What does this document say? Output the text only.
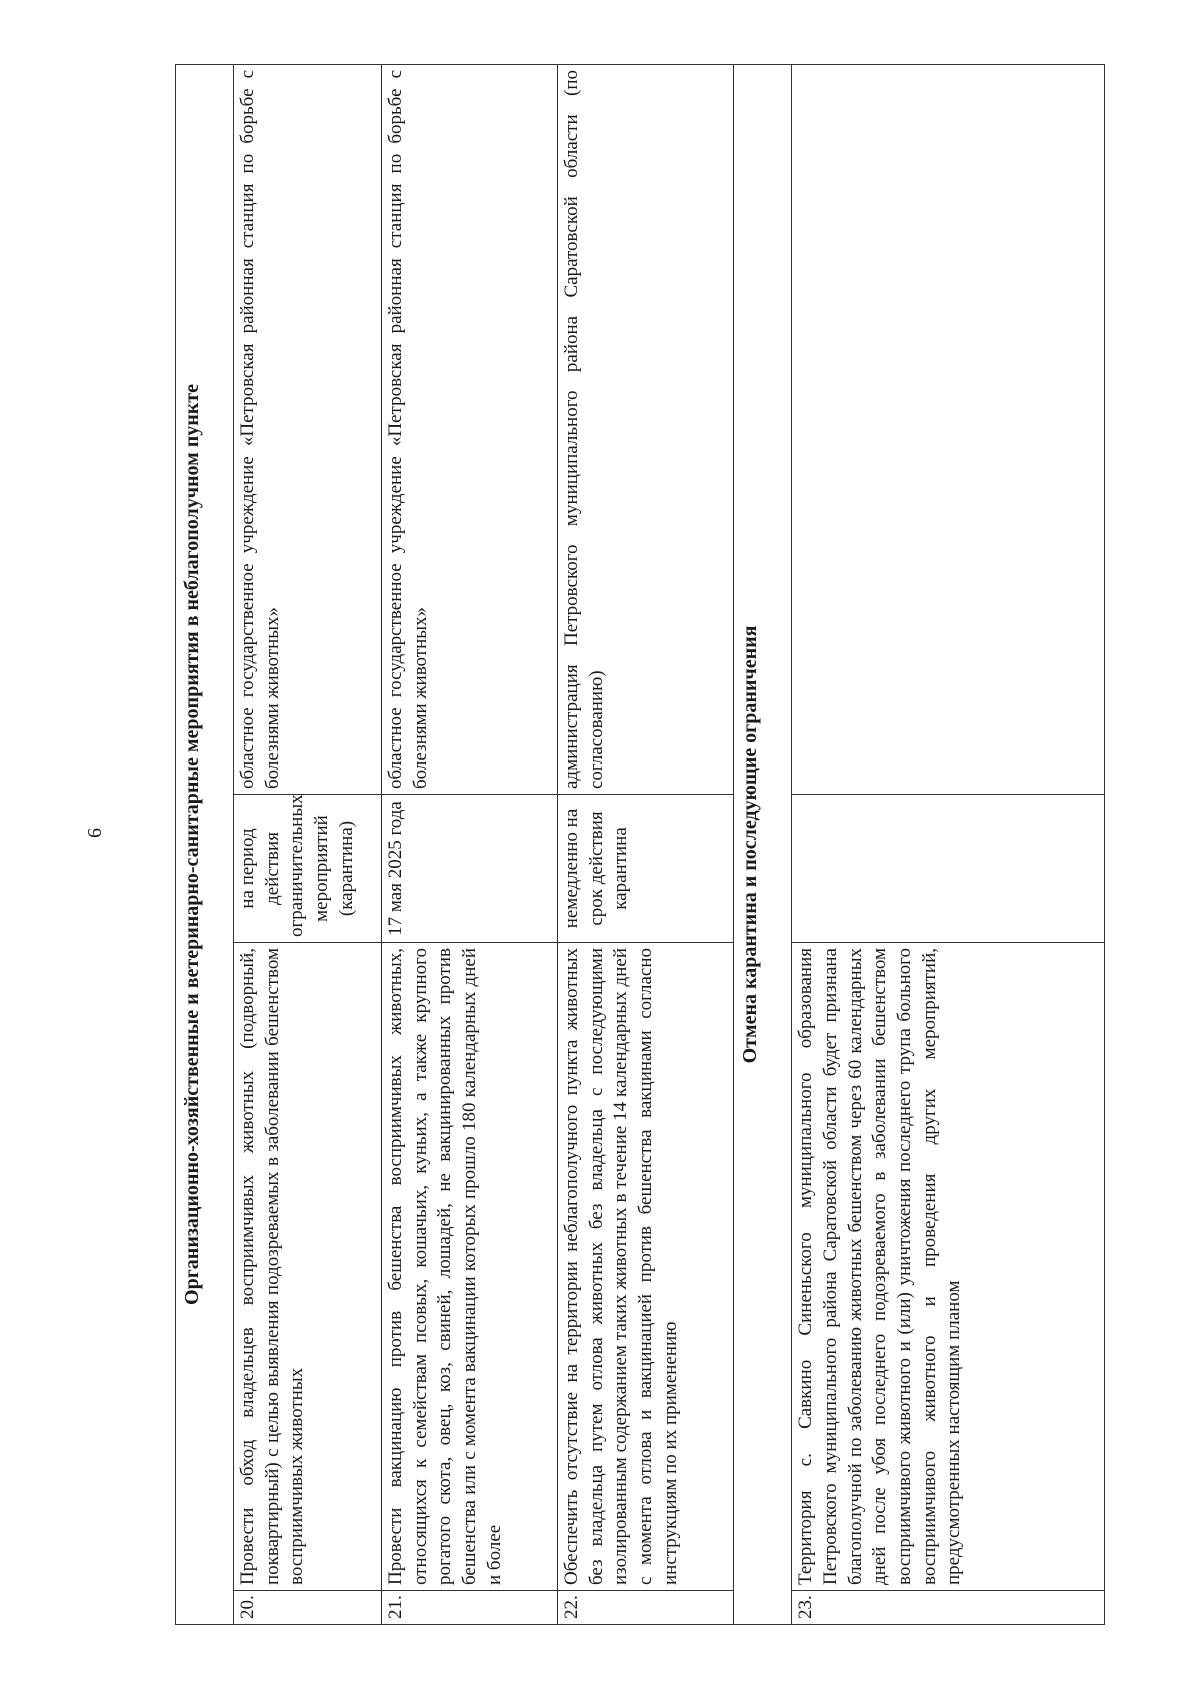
6	Организационно-хозяйственные и ветеринарно-санитарные мероприятия в неблагополучном пункте			
20.	Провести обход владельцев восприимчивых животных (подворный, поквартирный) с целью выявления подозреваемых в заболевании бешенством восприимчивых животных	на период действия ограничительных мероприятий (карантина)	областное государственное учреждение «Петровская районная станция по борьбе с болезнями животных»
21.	Провести вакцинацию против бешенства восприимчивых животных, относящихся к семействам псовых, кошачьих, куньих, а также крупного рогатого скота, овец, коз, свиней, лошадей, не вакцинированных против бешенства или с момента вакцинации которых прошло 180 календарных дней и более	17 мая 2025 года	областное государственное учреждение «Петровская районная станция по борьбе с болезнями животных»
22.	Обеспечить отсутствие на территории неблагополучного пункта животных без владельца путем отлова животных без владельца с последующими изолированным содержанием таких животных в течение 14 календарных дней с момента отлова и вакцинацией против бешенства вакцинами согласно инструкциям по их применению	немедленно на срок действия карантина	администрация Петровского муниципального района Саратовской области (по согласованию)
Отмена карантина и последующие ограничения			
23.	Территория с. Савкино Синеньского муниципального образования Петровского муниципального района Саратовской области будет признана благополучной по заболеванию животных бешенством через 60 календарных дней после убоя последнего подозреваемого в заболевании бешенством восприимчивого животного и (или) уничтожения последнего трупа больного восприимчивого животного и проведения других мероприятий, предусмотренных настоящим планом		
